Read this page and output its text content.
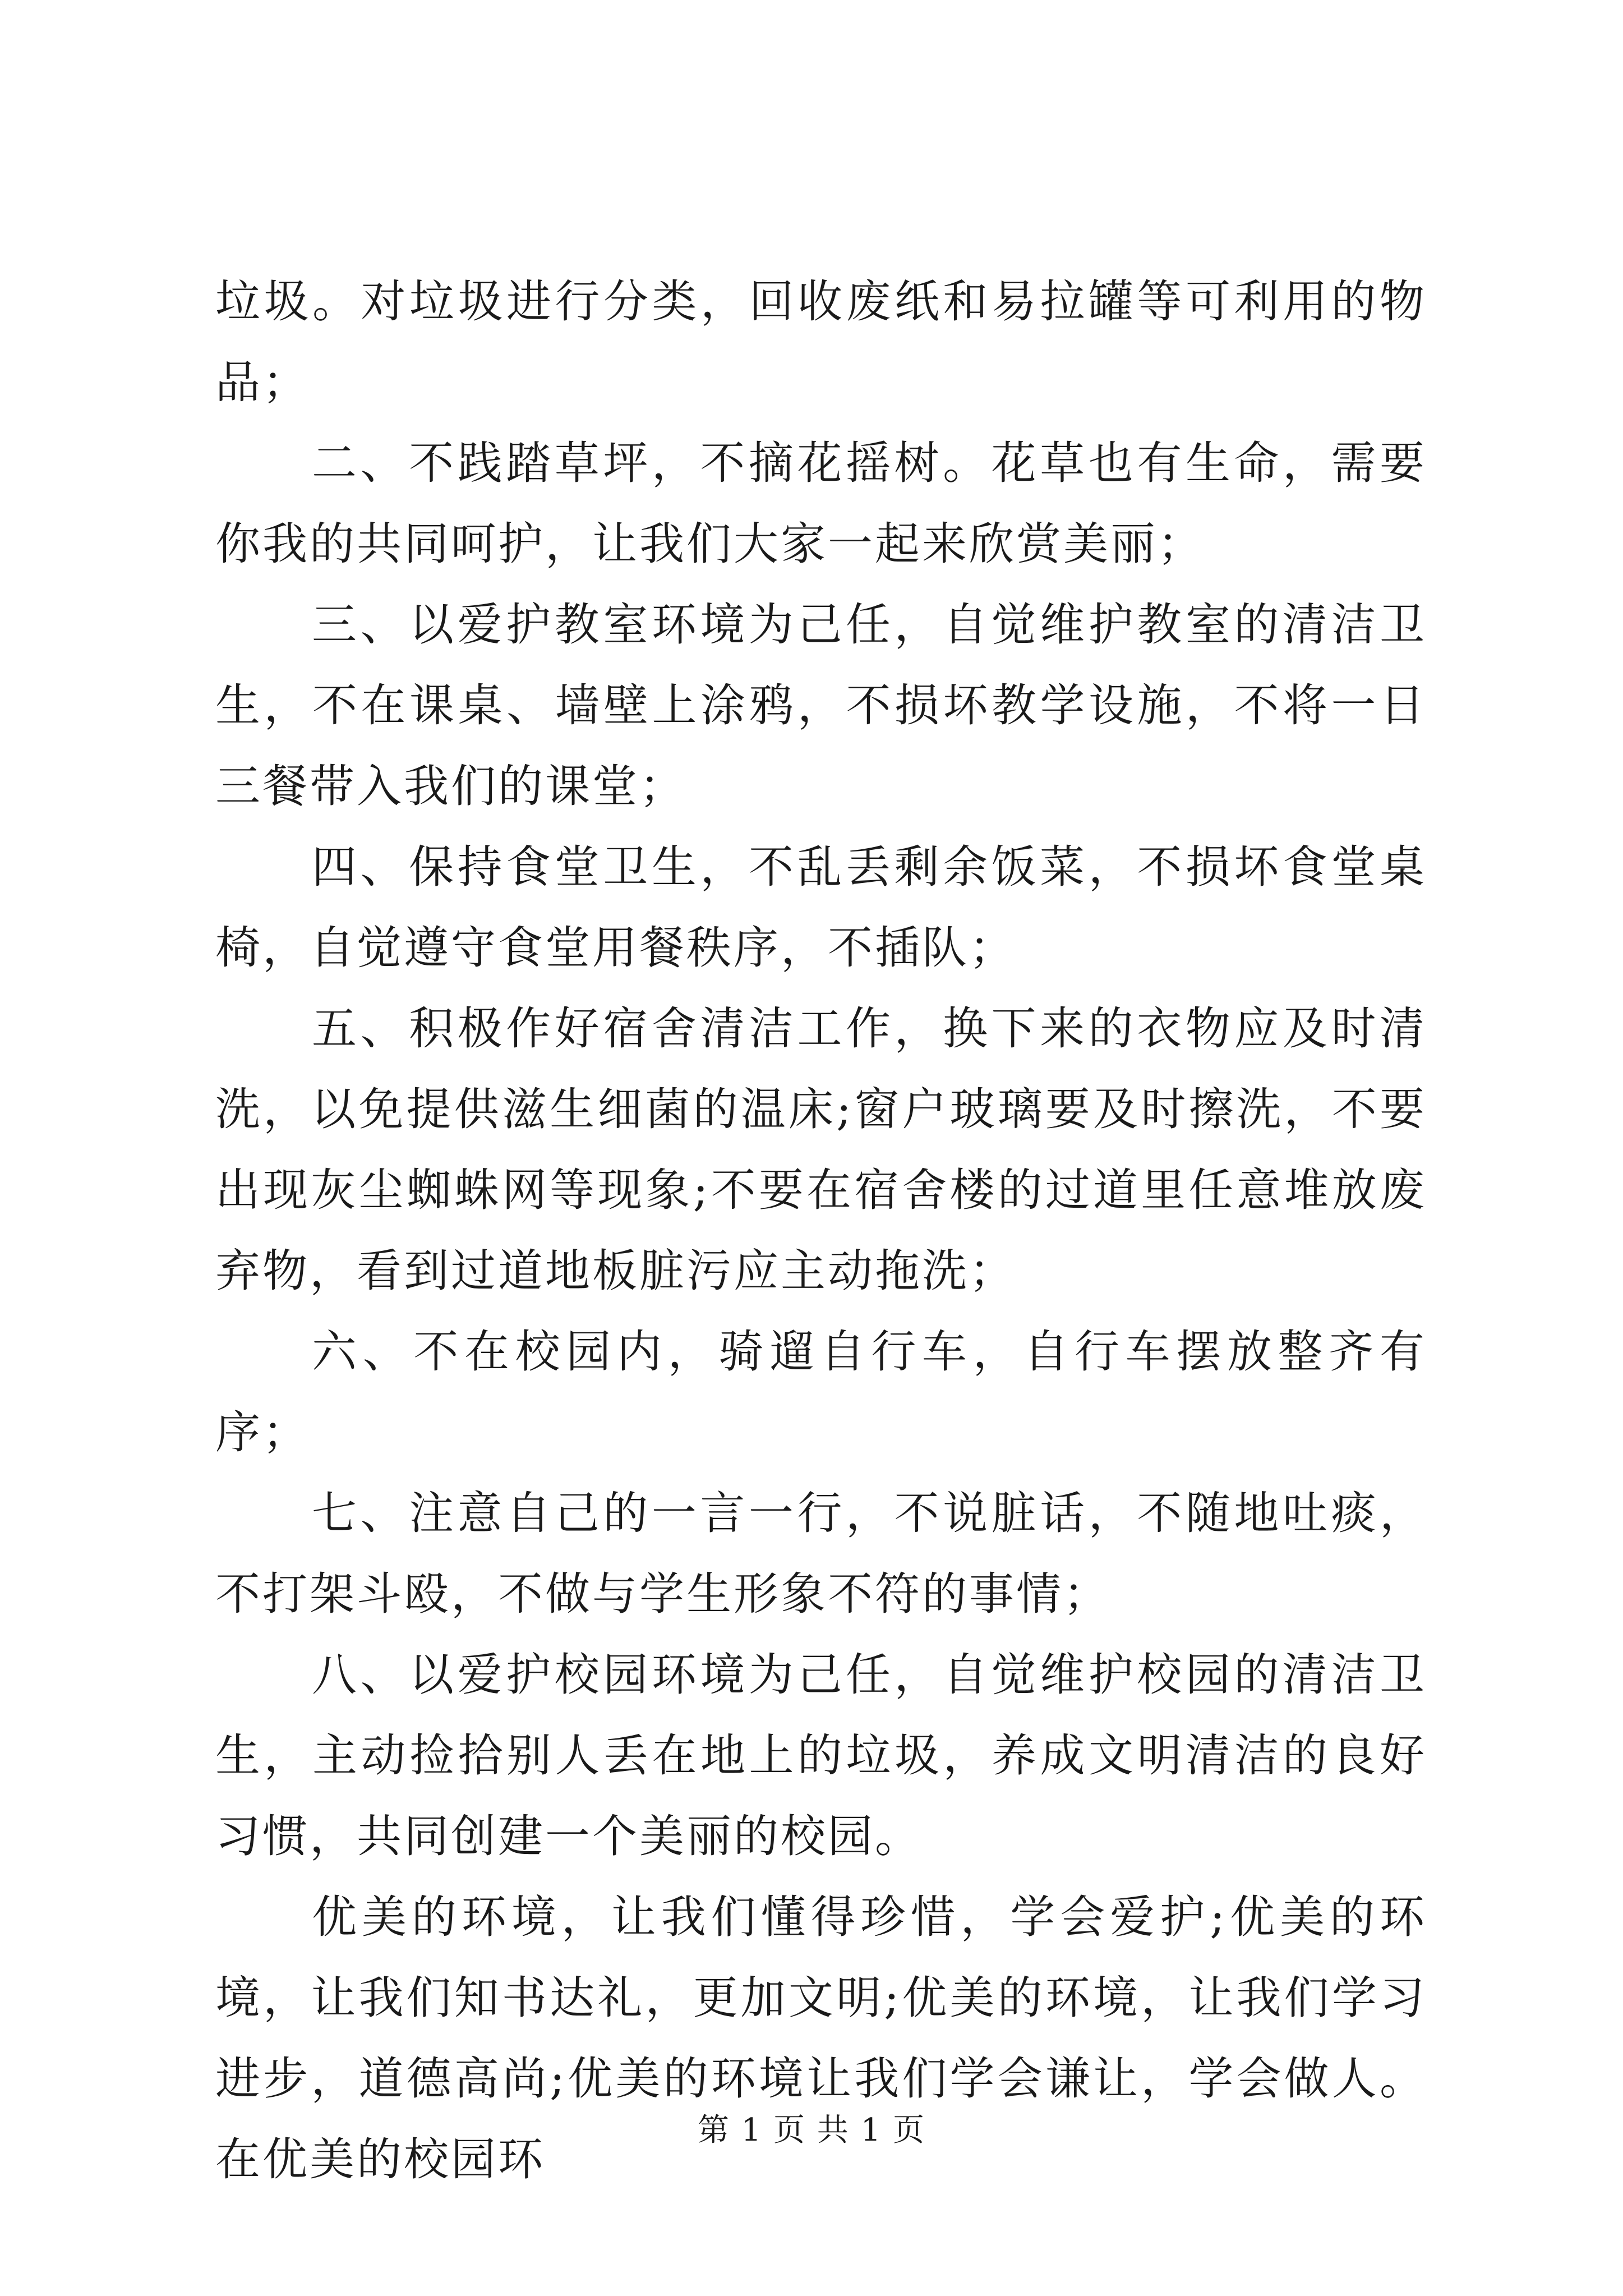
垃圾。对垃圾进行分类，回收废纸和易拉罐等可利用的物品；

二、不践踏草坪，不摘花摇树。花草也有生命，需要你我的共同呵护，让我们大家一起来欣赏美丽；

三、以爱护教室环境为己任，自觉维护教室的清洁卫生，不在课桌、墙壁上涂鸦，不损坏教学设施，不将一日三餐带入我们的课堂；

四、保持食堂卫生，不乱丢剩余饭菜，不损坏食堂桌椅，自觉遵守食堂用餐秩序，不插队；

五、积极作好宿舍清洁工作，换下来的衣物应及时清洗，以免提供滋生细菌的温床;窗户玻璃要及时擦洗，不要出现灰尘蜘蛛网等现象;不要在宿舍楼的过道里任意堆放废弃物，看到过道地板脏污应主动拖洗；

六、不在校园内，骑遛自行车，自行车摆放整齐有序；

七、注意自己的一言一行，不说脏话，不随地吐痰，不打架斗殴，不做与学生形象不符的事情；

八、以爱护校园环境为己任，自觉维护校园的清洁卫生，主动捡拾别人丢在地上的垃圾，养成文明清洁的良好习惯，共同创建一个美丽的校园。

优美的环境，让我们懂得珍惜，学会爱护;优美的环境，让我们知书达礼，更加文明;优美的环境，让我们学习进步，道德高尚;优美的环境让我们学会谦让，学会做人。在优美的校园环

第 1 页 共 1 页
